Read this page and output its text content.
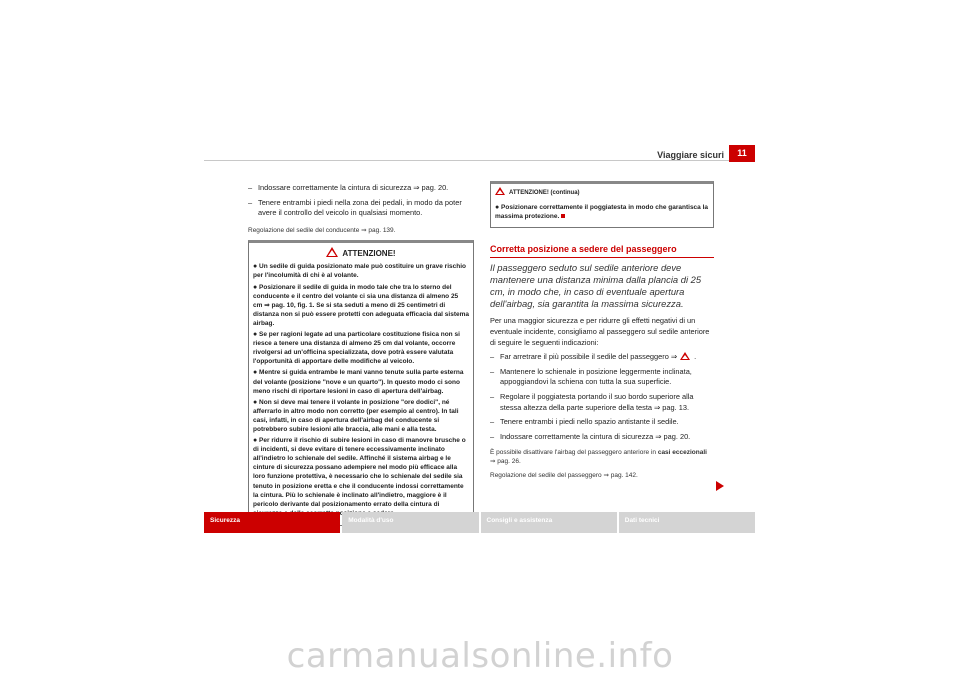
Viaggiare sicuri	11

– Indossare correttamente la cintura di sicurezza ⇒ pag. 20.

– Tenere entrambi i piedi nella zona dei pedali, in modo da poter avere il controllo del veicolo in qualsiasi momento.

Regolazione del sedile del conducente ⇒ pag. 139.

ATTENZIONE!

● Un sedile di guida posizionato male può costituire un grave rischio per l'incolumità di chi è al volante.

● Posizionare il sedile di guida in modo tale che tra lo sterno del conducente e il centro del volante ci sia una distanza di almeno 25 cm ⇒ pag. 10, fig. 1. Se si sta seduti a meno di 25 centimetri di distanza non si può essere protetti con adeguata efficacia dal sistema airbag.

● Se per ragioni legate ad una particolare costituzione fisica non si riesce a tenere una distanza di almeno 25 cm dal volante, occorre rivolgersi ad un'officina specializzata, dove potrà essere valutata l'opportunità di apportare delle modifiche al veicolo.

● Mentre si guida entrambe le mani vanno tenute sulla parte esterna del volante (posizione "nove e un quarto"). In questo modo ci sono meno rischi di riportare lesioni in caso di apertura dell'airbag.

● Non si deve mai tenere il volante in posizione "ore dodici", né afferrarlo in altro modo non corretto (per esempio al centro). In tali casi, infatti, in caso di apertura dell'airbag del conducente si potrebbero subire lesioni alle braccia, alle mani e alla testa.

● Per ridurre il rischio di subire lesioni in caso di manovre brusche o di incidenti, si deve evitare di tenere eccessivamente inclinato all'indietro lo schienale del sedile. Affinché il sistema airbag e le cinture di sicurezza possano adempiere nel modo più efficace alla loro funzione protettiva, è necessario che lo schienale del sedile sia tenuto in posizione eretta e che il conducente indossi correttamente la cintura. Più lo schienale è inclinato all'indietro, maggiore è il pericolo derivante dal posizionamento errato della cintura di

ATTENZIONE! (continua)

● Posizionare correttamente il poggiatesta in modo che garantisca la massima protezione.

Corretta posizione a sedere del passeggero

Il passeggero seduto sul sedile anteriore deve mantenere una distanza minima dalla plancia di 25 cm, in modo che, in caso di eventuale apertura dell'airbag, sia garantita la massima sicurezza.

Per una maggior sicurezza e per ridurre gli effetti negativi di un eventuale incidente, consigliamo al passeggero sul sedile anteriore di seguire le seguenti indicazioni:

– Far arretrare il più possibile il sedile del passeggero ⇒ .

– Mantenere lo schienale in posizione leggermente inclinata, appoggiandovi la schiena con tutta la sua superficie.

– Regolare il poggiatesta portando il suo bordo superiore alla stessa altezza della parte superiore della testa ⇒ pag. 13.

– Tenere entrambi i piedi nello spazio antistante il sedile.

– Indossare correttamente la cintura di sicurezza ⇒ pag. 20.

È possibile disattivare l'airbag del passeggero anteriore in casi eccezionali
⇒ pag. 26.

Regolazione del sedile del passeggero ⇒ pag. 142.

Sicurezza	Modalità d'uso	Consigli e assistenza	Dati tecnici
carmanualsonline.info
